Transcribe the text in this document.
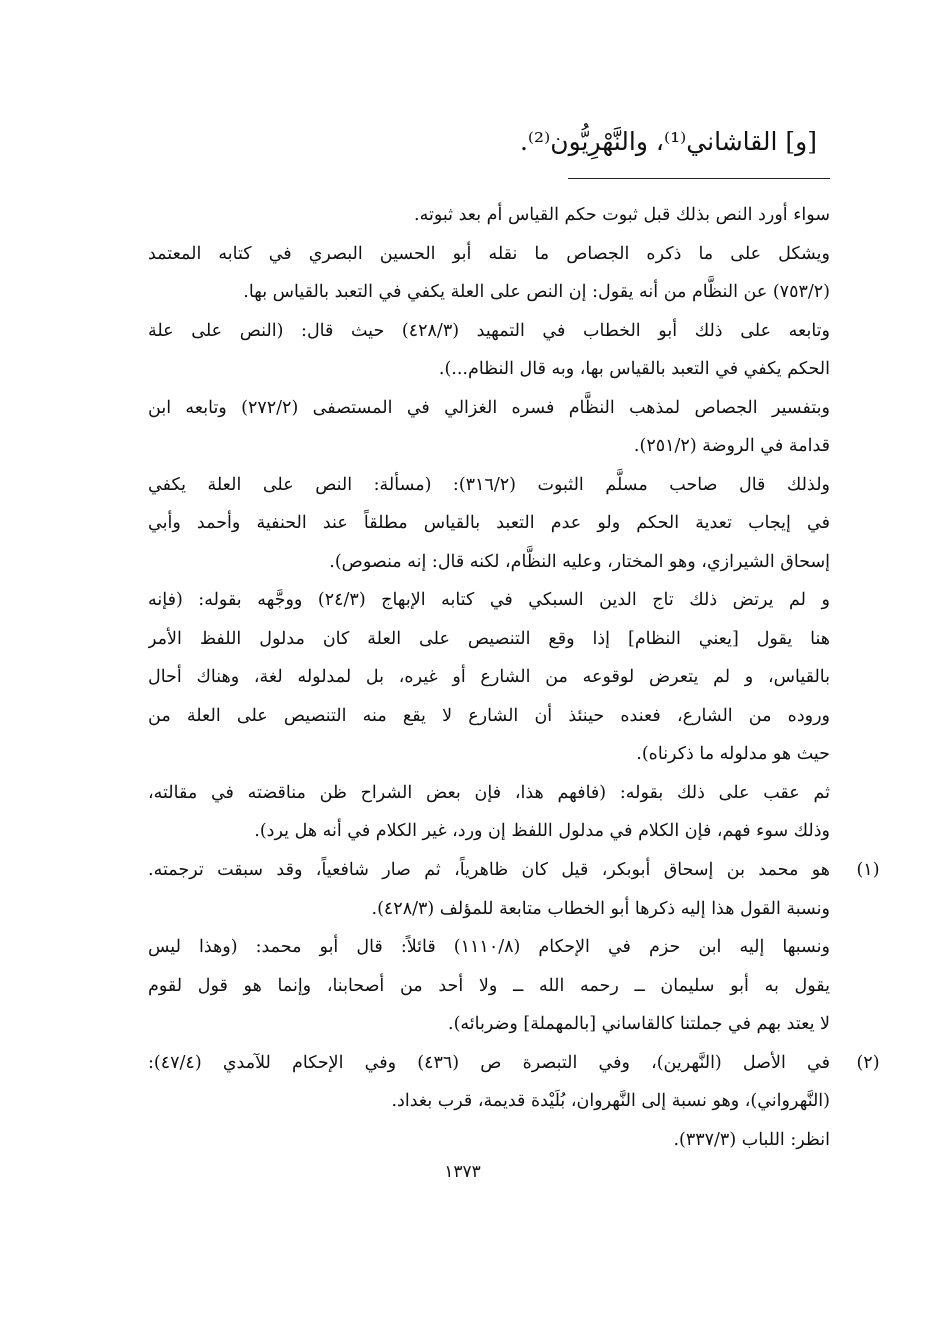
[و] القاشاني⁽¹⁾، والنَّهْرِيُّون⁽²⁾.
سواء أورد النص بذلك قبل ثبوت حكم القياس أم بعد ثبوته.
ويشكل على ما ذكره الجصاص ما نقله أبو الحسين البصري في كتابه المعتمد
(٧٥٣/٢) عن النظَّام من أنه يقول: إن النص على العلة يكفي في التعبد بالقياس بها.
وتابعه على ذلك أبو الخطاب في التمهيد (٤٢٨/٣) حيث قال: (النص على علة
الحكم يكفي في التعبد بالقياس بها، وبه قال النظام...).
وبتفسير الجصاص لمذهب النظَّام فسره الغزالي في المستصفى (٢٧٢/٢) وتابعه ابن
قدامة في الروضة (٢٥١/٢).
ولذلك قال صاحب مسلَّم الثبوت (٣١٦/٢): (مسألة: النص على العلة يكفي
في إيجاب تعدية الحكم ولو عدم التعبد بالقياس مطلقاً عند الحنفية وأحمد وأبي
إسحاق الشيرازي، وهو المختار، وعليه النظَّام، لكنه قال: إنه منصوص).
و لم يرتض ذلك تاج الدين السبكي في كتابه الإبهاج (٢٤/٣) ووجَّهه بقوله: (فإنه
هنا يقول [يعني النظام] إذا وقع التنصيص على العلة كان مدلول اللفظ الأمر
بالقياس، و لم يتعرض لوقوعه من الشارع أو غيره، بل لمدلوله لغة، وهناك أحال
وروده من الشارع، فعنده حينئذ أن الشارع لا يقع منه التنصيص على العلة من
حيث هو مدلوله ما ذكرناه).
ثم عقب على ذلك بقوله: (فافهم هذا، فإن بعض الشراح ظن مناقضته في مقالته،
وذلك سوء فهم، فإن الكلام في مدلول اللفظ إن ورد، غير الكلام في أنه هل يرد).
(١)
هو محمد بن إسحاق أبوبكر، قيل كان ظاهرياً، ثم صار شافعياً، وقد سبقت ترجمته.
ونسبة القول هذا إليه ذكرها أبو الخطاب متابعة للمؤلف (٤٢٨/٣).
ونسبها إليه ابن حزم في الإحكام (١١١٠/٨) قائلاً: قال أبو محمد: (وهذا ليس
يقول به أبو سليمان ــ رحمه الله ــ ولا أحد من أصحابنا، وإنما هو قول لقوم
لا يعتد بهم في جملتنا كالقاساني [بالمهملة] وضربائه).
(٢)
في الأصل (النَّهرين)، وفي التبصرة ص (٤٣٦) وفي الإحكام للآمدي (٤٧/٤):
(النَّهرواني)، وهو نسبة إلى النَّهروان، بُلَيْدة قديمة، قرب بغداد.
انظر: اللباب (٣٣٧/٣).
١٣٧٣
